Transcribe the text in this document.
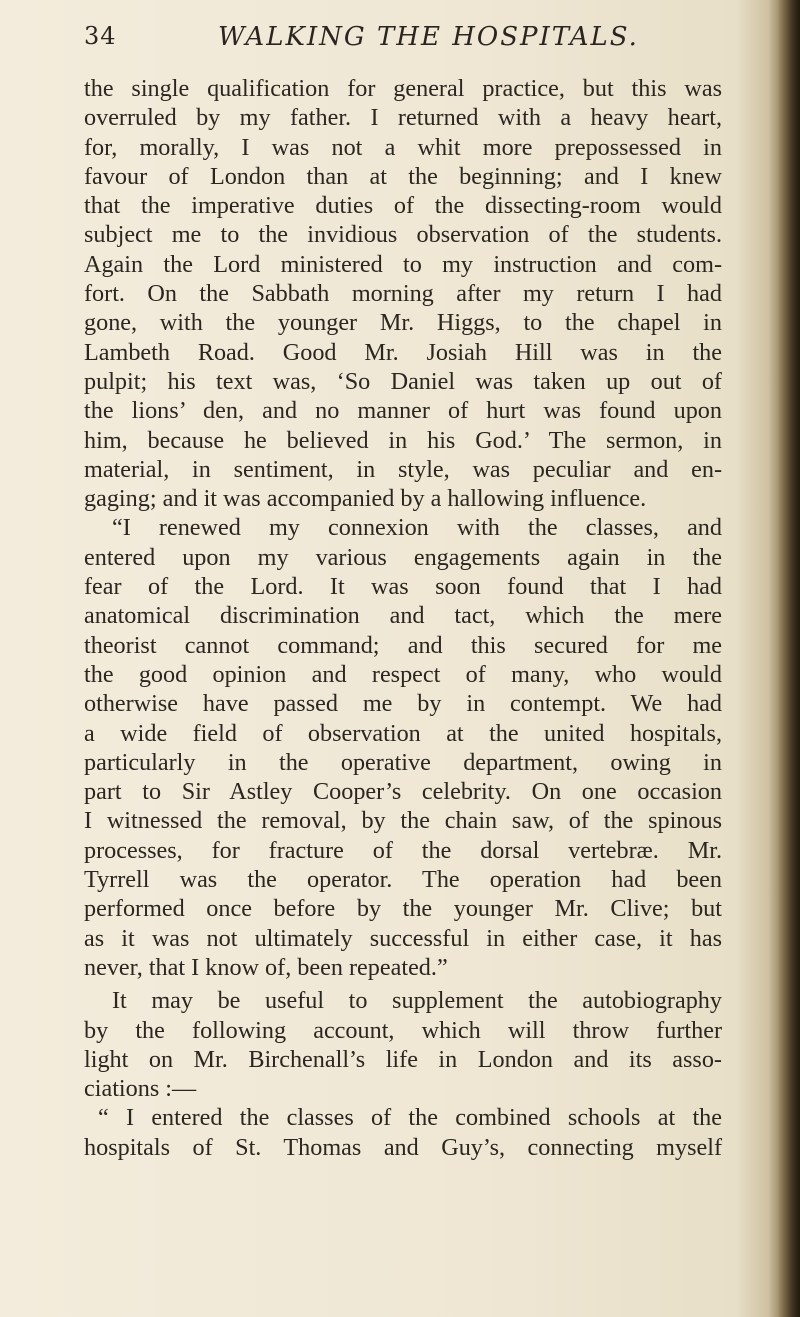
34	WALKING THE HOSPITALS.
the single qualification for general practice, but this was
overruled by my father. I returned with a heavy heart,
for, morally, I was not a whit more prepossessed in
favour of London than at the beginning; and I knew
that the imperative duties of the dissecting-room would
subject me to the invidious observation of the students.
Again the Lord ministered to my instruction and com-
fort. On the Sabbath morning after my return I had
gone, with the younger Mr. Higgs, to the chapel in
Lambeth Road. Good Mr. Josiah Hill was in the
pulpit; his text was, ‘So Daniel was taken up out of
the lions’ den, and no manner of hurt was found upon
him, because he believed in his God.’ The sermon, in
material, in sentiment, in style, was peculiar and en-
gaging; and it was accompanied by a hallowing influence.
“I renewed my connexion with the classes, and
entered upon my various engagements again in the
fear of the Lord. It was soon found that I had
anatomical discrimination and tact, which the mere
theorist cannot command; and this secured for me
the good opinion and respect of many, who would
otherwise have passed me by in contempt. We had
a wide field of observation at the united hospitals,
particularly in the operative department, owing in
part to Sir Astley Cooper’s celebrity. On one occasion
I witnessed the removal, by the chain saw, of the spinous
processes, for fracture of the dorsal vertebræ. Mr.
Tyrrell was the operator. The operation had been
performed once before by the younger Mr. Clive; but
as it was not ultimately successful in either case, it has
never, that I know of, been repeated.”
It may be useful to supplement the autobiography
by the following account, which will throw further
light on Mr. Birchenall’s life in London and its asso-
ciations :—
“ I entered the classes of the combined schools at the
hospitals of St. Thomas and Guy’s, connecting myself
